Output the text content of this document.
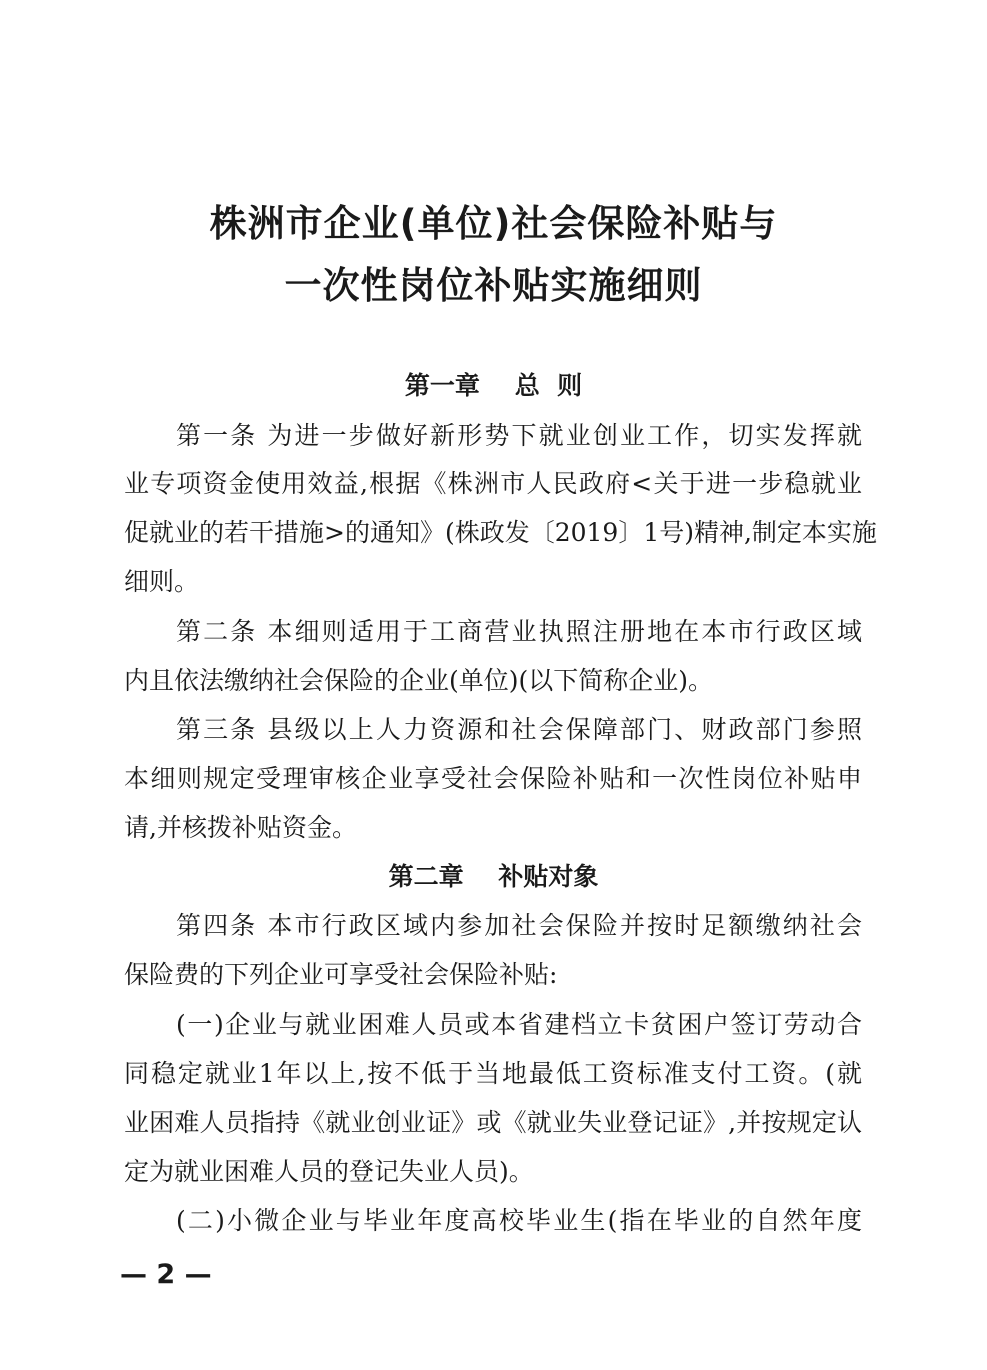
株洲市企业(单位)社会保险补贴与
一次性岗位补贴实施细则
第一章    总  则
第一条 为进一步做好新形势下就业创业工作，切实发挥就
业专项资金使用效益,根据《株洲市人民政府<关于进一步稳就业
促就业的若干措施>的通知》(株政发〔2019〕1号)精神,制定本实施
细则。
第二条 本细则适用于工商营业执照注册地在本市行政区域
内且依法缴纳社会保险的企业(单位)(以下简称企业)。
第三条 县级以上人力资源和社会保障部门、财政部门参照
本细则规定受理审核企业享受社会保险补贴和一次性岗位补贴申
请,并核拨补贴资金。
第二章    补贴对象
第四条 本市行政区域内参加社会保险并按时足额缴纳社会
保险费的下列企业可享受社会保险补贴:
(一)企业与就业困难人员或本省建档立卡贫困户签订劳动合
同稳定就业1年以上,按不低于当地最低工资标准支付工资。(就
业困难人员指持《就业创业证》或《就业失业登记证》,并按规定认
定为就业困难人员的登记失业人员)。
(二)小微企业与毕业年度高校毕业生(指在毕业的自然年度
— 2 —
